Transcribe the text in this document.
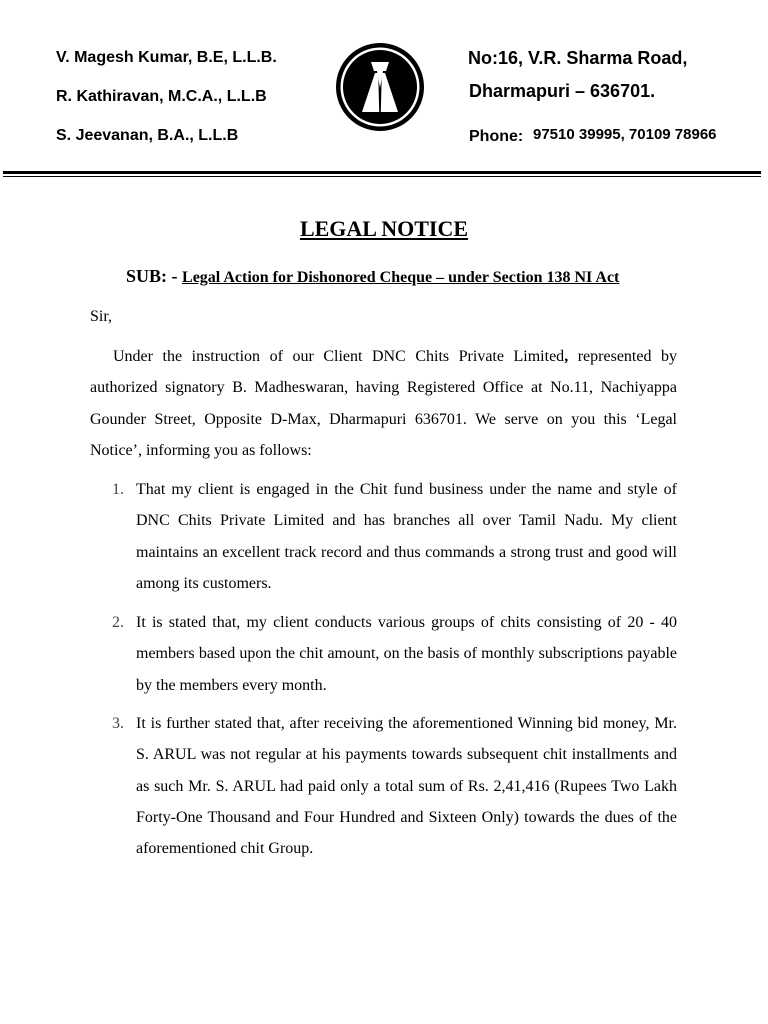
V. Magesh Kumar, B.E, L.L.B.
R. Kathiravan, M.C.A., L.L.B
S. Jeevanan, B.A., L.L.B
No:16, V.R. Sharma Road,
Dharmapuri – 636701.
Phone: 97510 39995, 70109 78966
LEGAL NOTICE
SUB: - Legal Action for Dishonored Cheque – under Section 138 NI Act
Sir,

Under the instruction of our Client DNC Chits Private Limited, represented by authorized signatory B. Madheswaran, having Registered Office at No.11, Nachiyappa Gounder Street, Opposite D-Max, Dharmapuri 636701. We serve on you this ‘Legal Notice’, informing you as follows:

1. That my client is engaged in the Chit fund business under the name and style of DNC Chits Private Limited and has branches all over Tamil Nadu. My client maintains an excellent track record and thus commands a strong trust and good will among its customers.
2. It is stated that, my client conducts various groups of chits consisting of 20 - 40 members based upon the chit amount, on the basis of monthly subscriptions payable by the members every month.
3. It is further stated that, after receiving the aforementioned Winning bid money, Mr. S. ARUL was not regular at his payments towards subsequent chit installments and as such Mr. S. ARUL had paid only a total sum of Rs. 2,41,416 (Rupees Two Lakh Forty-One Thousand and Four Hundred and Sixteen Only) towards the dues of the aforementioned chit Group.
